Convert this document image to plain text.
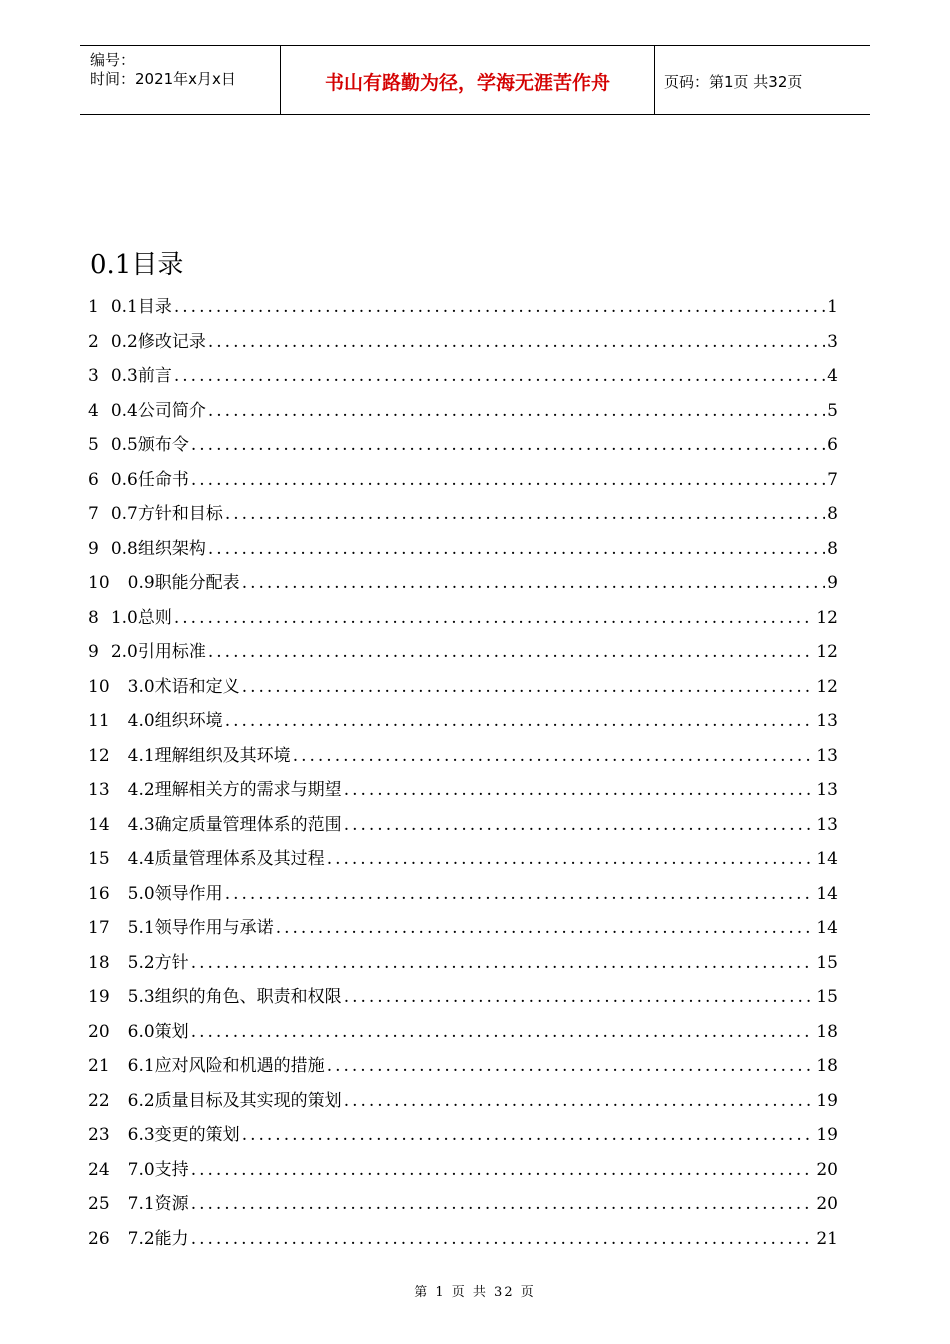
编号：
时间：2021年x月x日	书山有路勤为径，学海无涯苦作舟	页码：第1页 共32页
0.1目录
1 0.1目录 .....	1
2 0.2修改记录 .....	3
3 0.3前言 .....	4
4 0.4公司简介 .....	5
5 0.5颁布令 .....	6
6 0.6任命书 .....	7
7 0.7方针和目标 .....	8
9 0.8组织架构 .....	8
10 0.9职能分配表 .....	9
8 1.0总则 .....	12
9 2.0引用标准 .....	12
10 3.0术语和定义 .....	12
11 4.0组织环境 .....	13
12 4.1理解组织及其环境 .....	13
13 4.2理解相关方的需求与期望 .....	13
14 4.3确定质量管理体系的范围 .....	13
15 4.4质量管理体系及其过程 .....	14
16 5.0领导作用 .....	14
17 5.1领导作用与承诺 .....	14
18 5.2方针 .....	15
19 5.3组织的角色、职责和权限 .....	15
20 6.0策划 .....	18
21 6.1应对风险和机遇的措施 .....	18
22 6.2质量目标及其实现的策划 .....	19
23 6.3变更的策划 .....	19
24 7.0支持 .....	20
25 7.1资源 .....	20
26 7.2能力 .....	21
第 1 页 共 32 页
